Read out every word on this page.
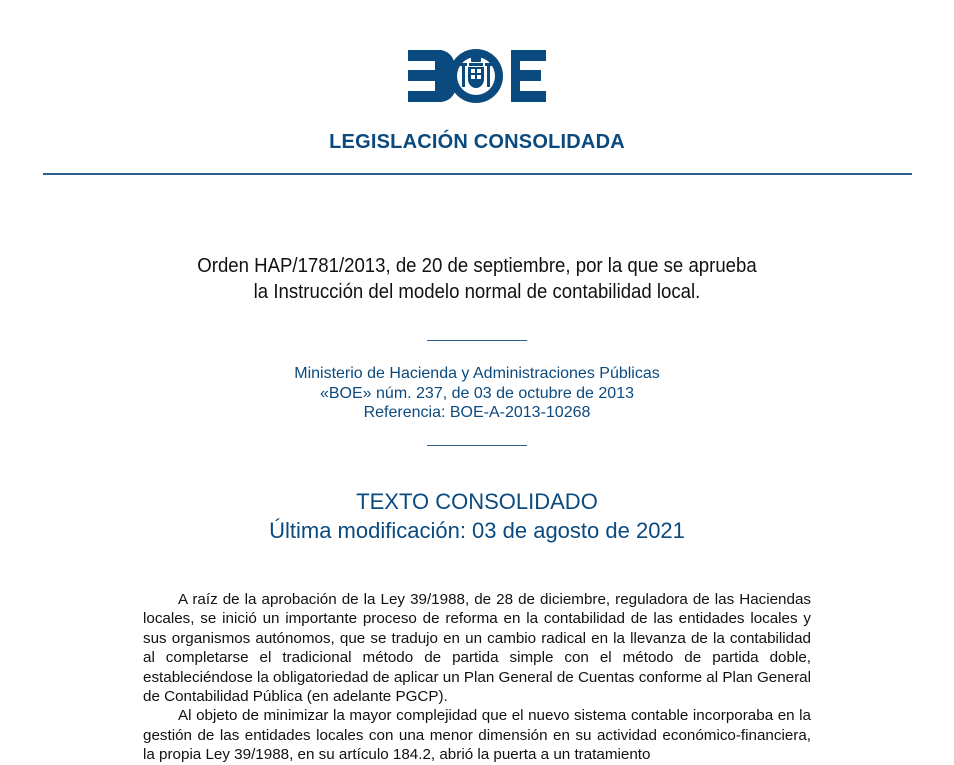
LEGISLACIÓN CONSOLIDADA
Orden HAP/1781/2013, de 20 de septiembre, por la que se aprueba
la Instrucción del modelo normal de contabilidad local.
Ministerio de Hacienda y Administraciones Públicas
«BOE» núm. 237, de 03 de octubre de 2013
Referencia: BOE-A-2013-10268
TEXTO CONSOLIDADO
Última modificación: 03 de agosto de 2021

A raíz de la aprobación de la Ley 39/1988, de 28 de diciembre, reguladora de las Haciendas locales, se inició un importante proceso de reforma en la contabilidad de las entidades locales y sus organismos autónomos, que se tradujo en un cambio radical en la llevanza de la contabilidad al completarse el tradicional método de partida simple con el método de partida doble, estableciéndose la obligatoriedad de aplicar un Plan General de Cuentas conforme al Plan General de Contabilidad Pública (en adelante PGCP).

Al objeto de minimizar la mayor complejidad que el nuevo sistema contable incorporaba en la gestión de las entidades locales con una menor dimensión en su actividad económico-financiera, la propia Ley 39/1988, en su artículo 184.2, abrió la puerta a un tratamiento
